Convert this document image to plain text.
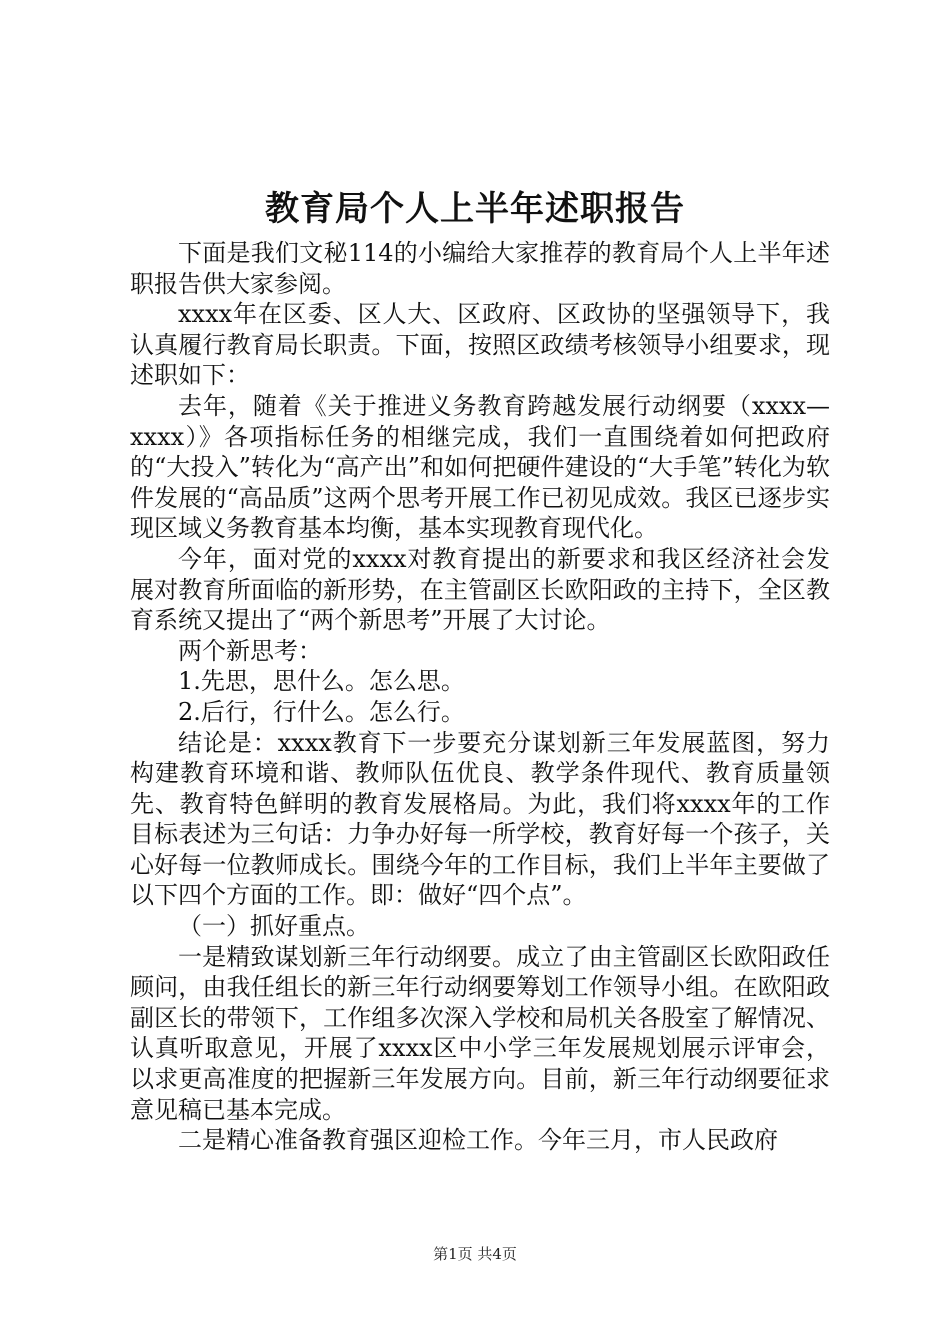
教育局个人上半年述职报告

下面是我们文秘114的小编给大家推荐的教育局个人上半年述职报告供大家参阅。

xxxx年在区委、区人大、区政府、区政协的坚强领导下，我认真履行教育局长职责。下面，按照区政绩考核领导小组要求，现述职如下：

去年，随着《关于推进义务教育跨越发展行动纲要（xxxx—xxxx）》各项指标任务的相继完成，我们一直围绕着如何把政府的“大投入”转化为“高产出”和如何把硬件建设的“大手笔”转化为软件发展的“高品质”这两个思考开展工作已初见成效。我区已逐步实现区域义务教育基本均衡，基本实现教育现代化。

今年，面对党的xxxx对教育提出的新要求和我区经济社会发展对教育所面临的新形势，在主管副区长欧阳政的主持下，全区教育系统又提出了“两个新思考”开展了大讨论。

两个新思考：

1.先思，思什么。怎么思。

2.后行，行什么。怎么行。

结论是：xxxx教育下一步要充分谋划新三年发展蓝图，努力构建教育环境和谐、教师队伍优良、教学条件现代、教育质量领先、教育特色鲜明的教育发展格局。为此，我们将xxxx年的工作目标表述为三句话：力争办好每一所学校，教育好每一个孩子，关心好每一位教师成长。围绕今年的工作目标，我们上半年主要做了以下四个方面的工作。即：做好“四个点”。

（一）抓好重点。

一是精致谋划新三年行动纲要。成立了由主管副区长欧阳政任顾问，由我任组长的新三年行动纲要筹划工作领导小组。在欧阳政副区长的带领下，工作组多次深入学校和局机关各股室了解情况、认真听取意见，开展了xxxx区中小学三年发展规划展示评审会，以求更高准度的把握新三年发展方向。目前，新三年行动纲要征求意见稿已基本完成。

二是精心准备教育强区迎检工作。今年三月，市人民政府

第1页 共4页
